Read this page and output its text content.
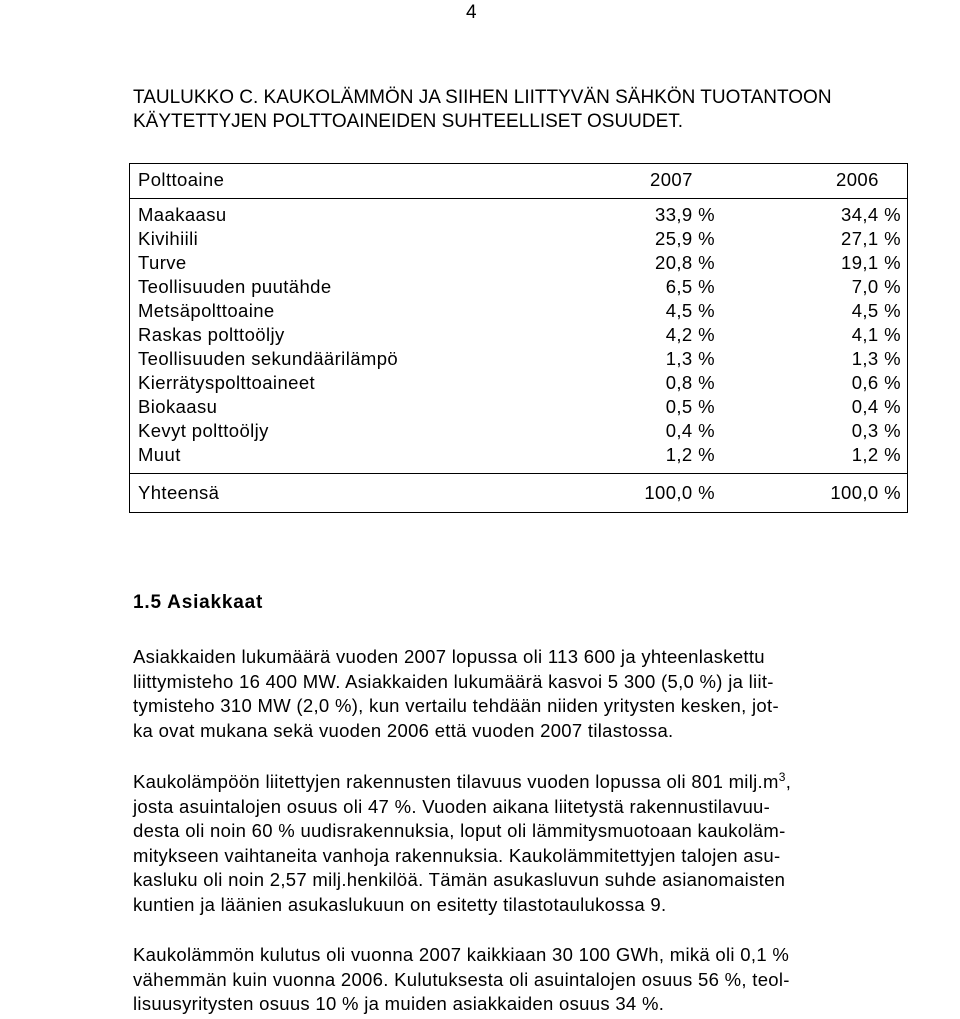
4
TAULUKKO C. KAUKOLÄMMÖN JA SIIHEN LIITTYVÄN SÄHKÖN TUOTANTOON
KÄYTETTYJEN POLTTOAINEIDEN SUHTEELLISET OSUUDET.
Polttoaine	2007	2006
Maakaasu	33,9 %	34,4 %
Kivihiili	25,9 %	27,1 %
Turve	20,8 %	19,1 %
Teollisuuden puutähde	6,5 %	7,0 %
Metsäpolttoaine	4,5 %	4,5 %
Raskas polttoöljy	4,2 %	4,1 %
Teollisuuden sekundäärilämpö	1,3 %	1,3 %
Kierrätyspolttoaineet	0,8 %	0,6 %
Biokaasu	0,5 %	0,4 %
Kevyt polttoöljy	0,4 %	0,3 %
Muut	1,2 %	1,2 %
Yhteensä	100,0 %	100,0 %
1.5 Asiakkaat
Asiakkaiden lukumäärä vuoden 2007 lopussa oli 113 600 ja yhteenlaskettu
liittymisteho 16 400 MW. Asiakkaiden lukumäärä kasvoi 5 300 (5,0 %) ja liit-
tymisteho 310 MW (2,0 %), kun vertailu tehdään niiden yritysten kesken, jot-
ka ovat mukana sekä vuoden 2006 että vuoden 2007 tilastossa.
Kaukolämpöön liitettyjen rakennusten tilavuus vuoden lopussa oli 801 $milj.m^3$,
josta asuintalojen osuus oli 47 %. Vuoden aikana liitetystä rakennustilavuu-
desta oli noin 60 % uudisrakennuksia, loput oli lämmitysmuotoaan kaukoläm-
mitykseen vaihtaneita vanhoja rakennuksia. Kaukolämmitettyjen talojen asu-
kasluku oli noin 2,57 milj.henkilöä. Tämän asukasluvun suhde asianomaisten
kuntien ja läänien asukaslukuun on esitetty tilastotaulukossa 9.
Kaukolämmön kulutus oli vuonna 2007 kaikkiaan 30 100 GWh, mikä oli 0,1 %
vähemmän kuin vuonna 2006. Kulutuksesta oli asuintalojen osuus 56 %, teol-
lisuusyritysten osuus 10 % ja muiden asiakkaiden osuus 34 %.
